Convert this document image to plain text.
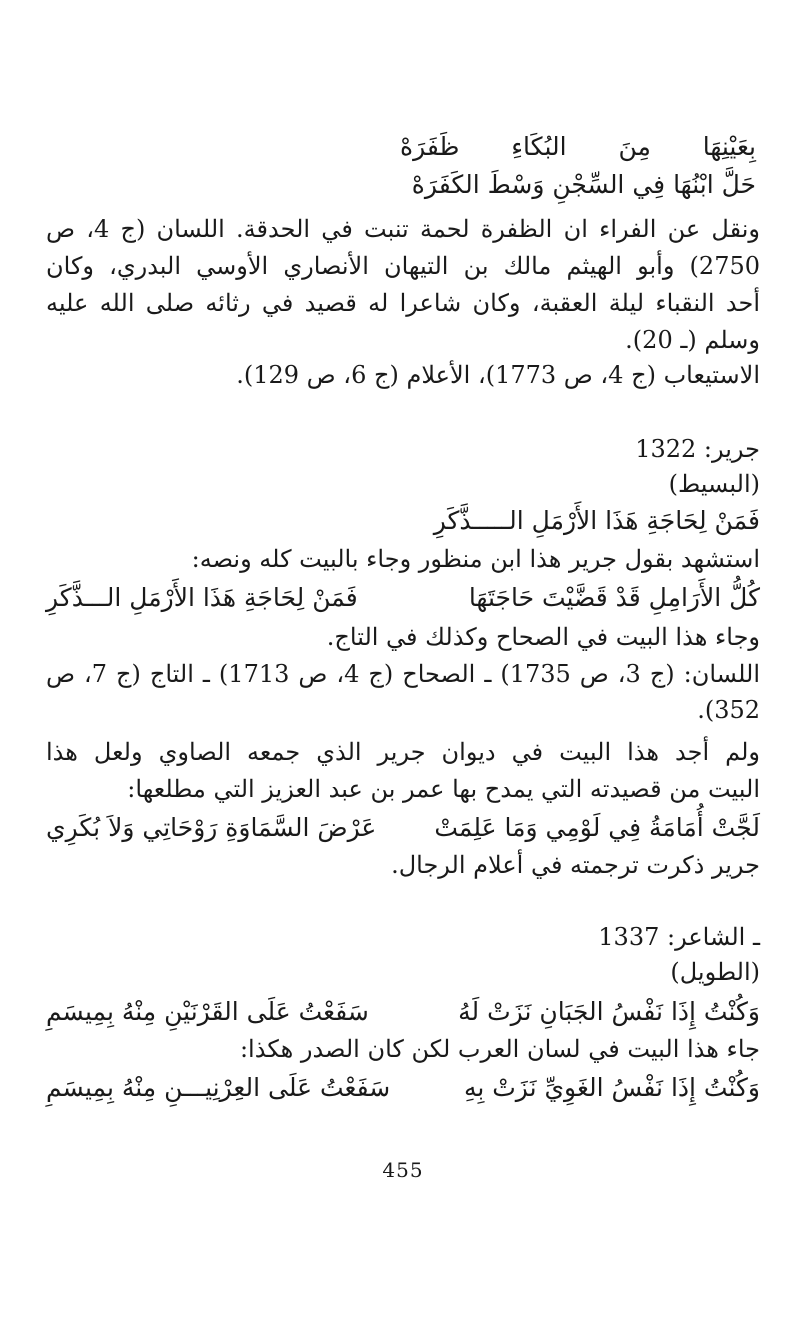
بِعَيْنِهَا مِنَ البُكَاءِ ظَفَرَهْ
حَلَّ ابْنُهَا فِي السِّجْنِ وَسْطَ الكَفَرَهْ
ونقل عن الفراء ان الظفرة لحمة تنبت في الحدقة. اللسان (ج 4، ص
2750) وأبو الهيثم مالك بن التيهان الأنصاري الأوسي البدري، وكان
أحد النقباء ليلة العقبة، وكان شاعرا له قصيد في رثائه صلى الله عليه
وسلم (ـ 20).
الاستيعاب (ج 4، ص 1773)، الأعلام (ج 6، ص 129).
جرير: 1322
(البسيط)
فَمَنْ لِحَاجَةِ هَذَا الأَرْمَلِ الـــــذَّكَرِ
استشهد بقول جرير هذا ابن منظور وجاء بالبيت كله ونصه:
كُلُّ الأَرَامِلِ قَدْ قَضَّيْتَ حَاجَتَهَا
فَمَنْ لِحَاجَةِ هَذَا الأَرْمَلِ الـــذَّكَرِ
وجاء هذا البيت في الصحاح وكذلك في التاج.
اللسان: (ج 3، ص 1735) ـ الصحاح (ج 4، ص 1713) ـ التاج (ج 7، ص
352).
ولم أجد هذا البيت في ديوان جرير الذي جمعه الصاوي ولعل هذا
البيت من قصيدته التي يمدح بها عمر بن عبد العزيز التي مطلعها:
لَجَّتْ أُمَامَةُ فِي لَوْمِي وَمَا عَلِمَتْ
عَرْضَ السَّمَاوَةِ رَوْحَاتِي وَلاَ بُكَرِي
جرير ذكرت ترجمته في أعلام الرجال.
ـ الشاعر: 1337
(الطويل)
وَكُنْتُ إِذَا نَفْسُ الجَبَانِ نَزَتْ لَهُ
سَفَعْتُ عَلَى القَرْنَيْنِ مِنْهُ بِمِيسَمِ
جاء هذا البيت في لسان العرب لكن كان الصدر هكذا:
وَكُنْتُ إِذَا نَفْسُ الغَوِيِّ نَزَتْ بِهِ
سَفَعْتُ عَلَى العِرْنِيـــنِ مِنْهُ بِمِيسَمِ
455
